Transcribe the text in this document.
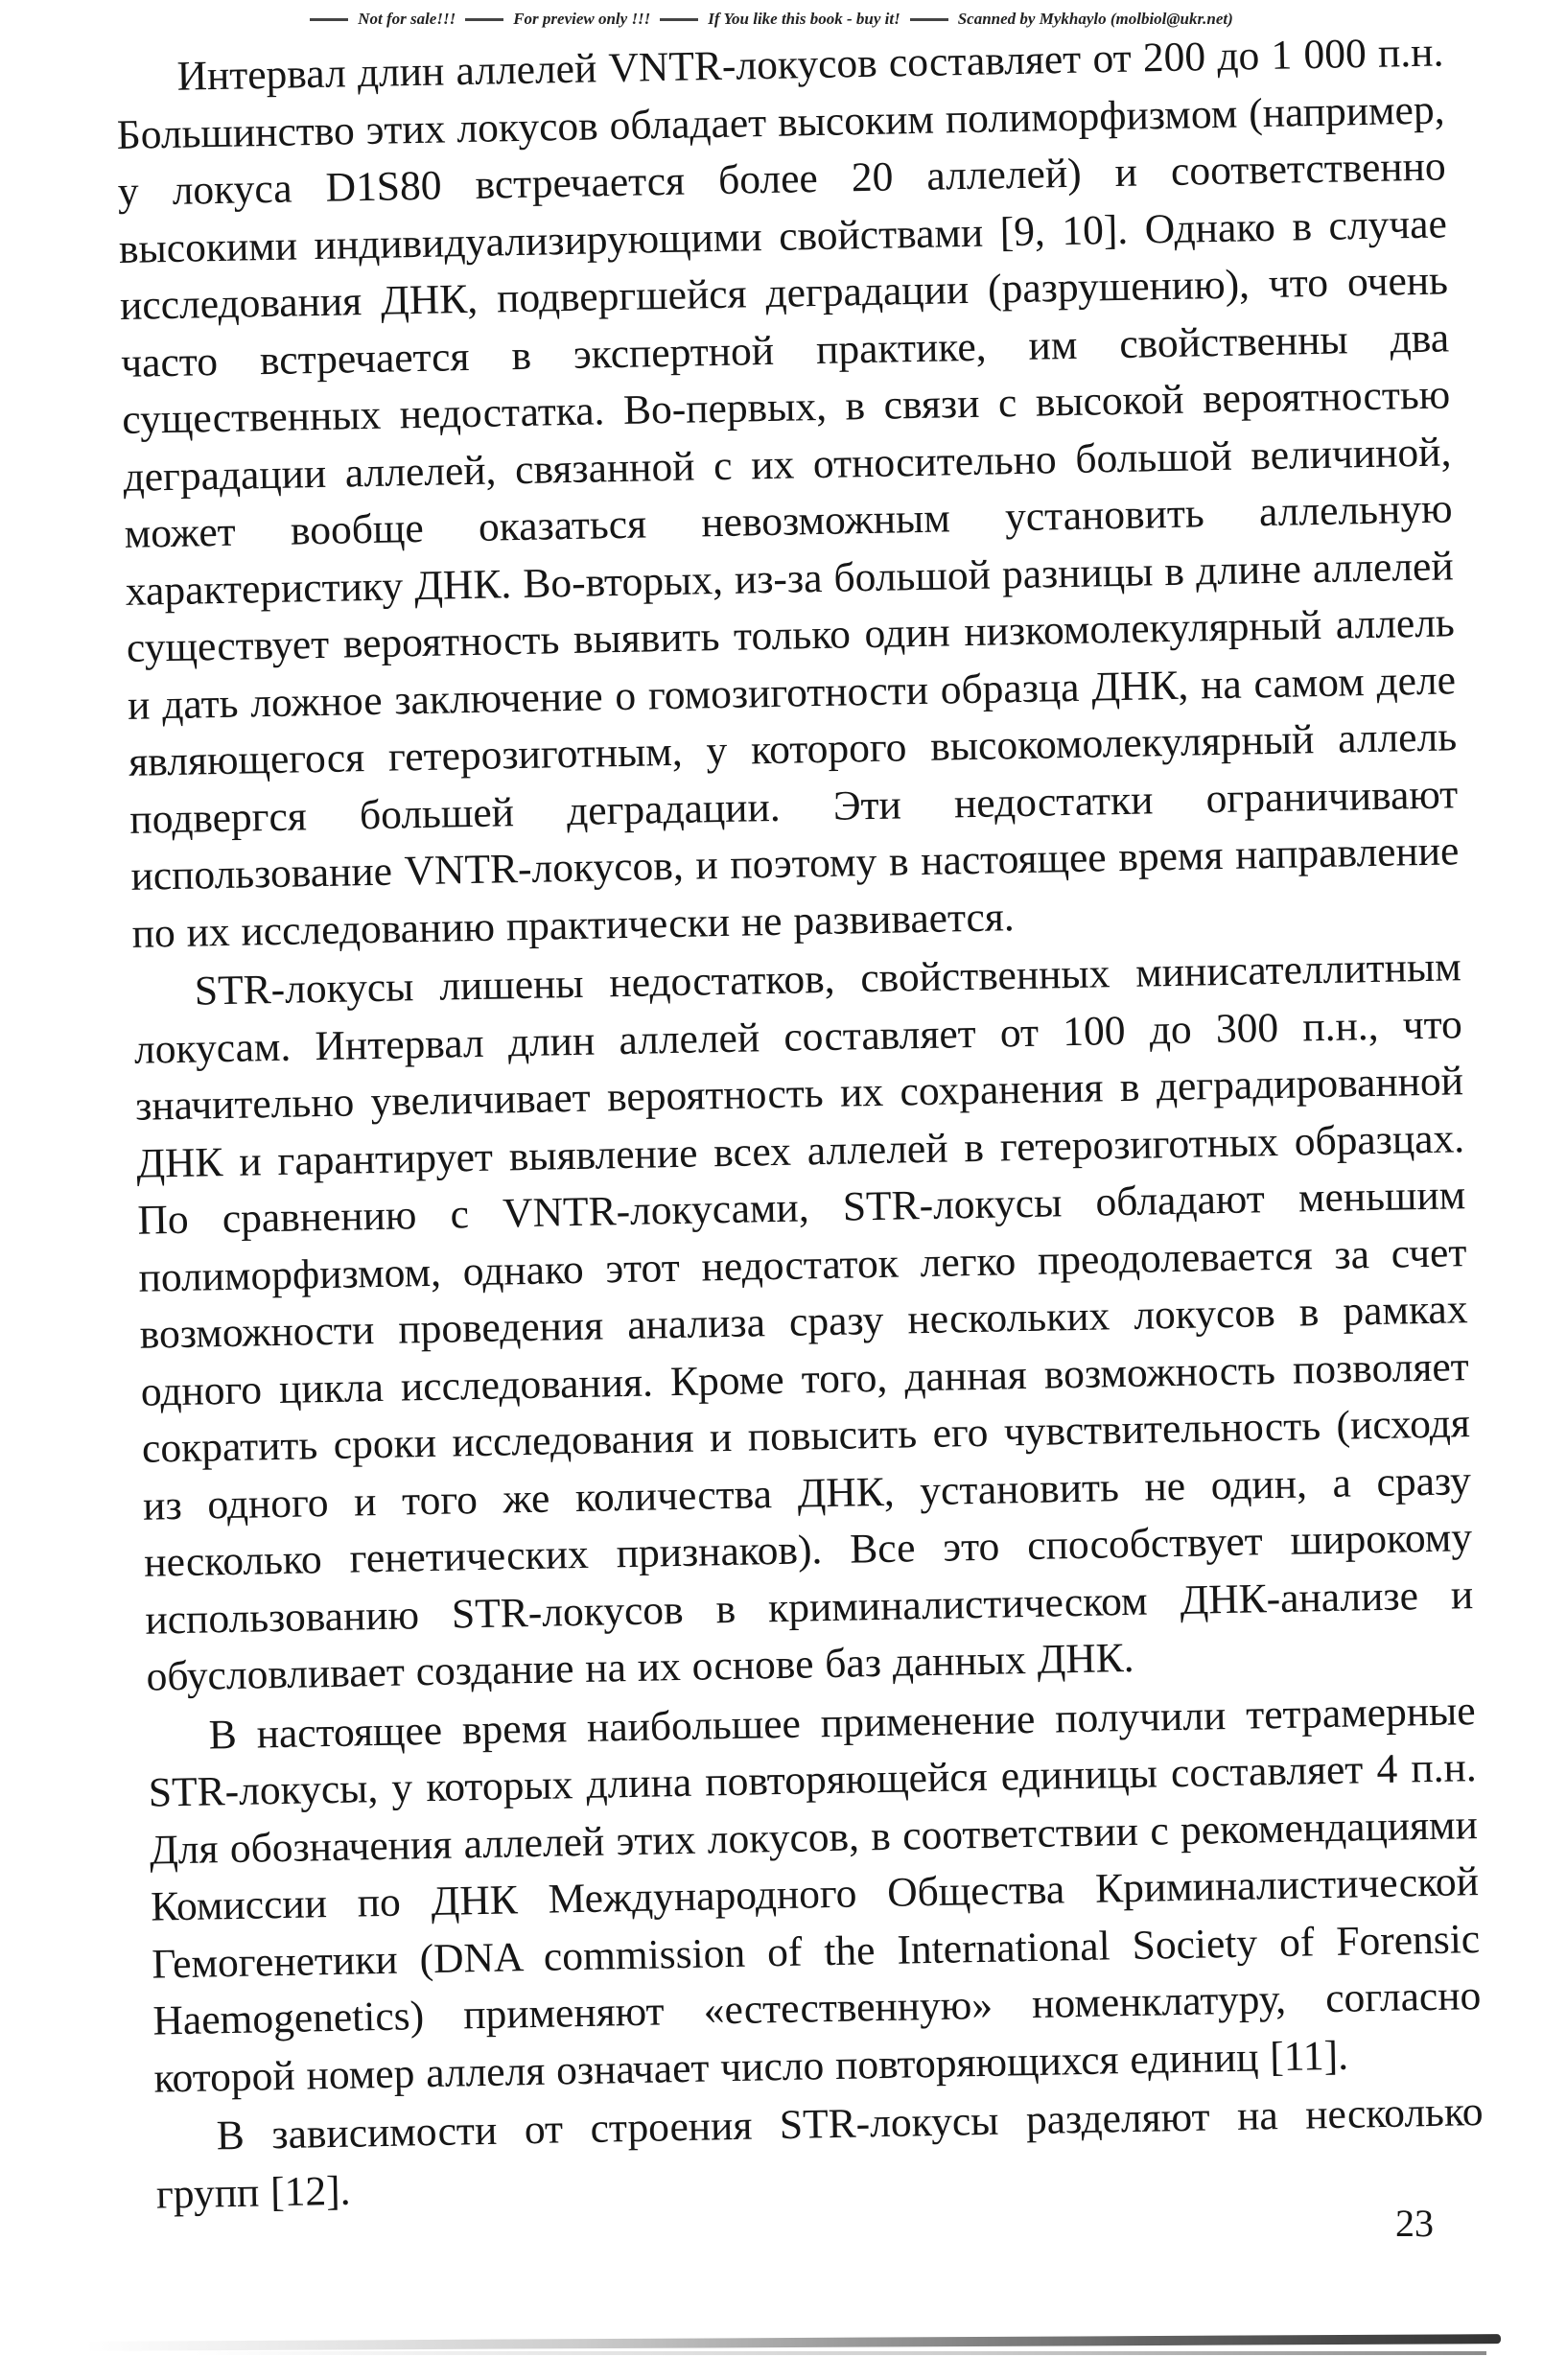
Not for sale!!!	For preview only !!!	If You like this book - buy it!	Scanned by Mykhaylo (molbiol@ukr.net)

Интервал длин аллелей VNTR-локусов составляет от 200 до 1 000 п.н. Большинство этих локусов обладает высоким полиморфизмом (например, у локуса D1S80 встречается более 20 аллелей) и соответственно высокими индивидуализирующими свойствами [9, 10]. Однако в случае исследования ДНК, подвергшейся деградации (разрушению), что очень часто встречается в экспертной практике, им свойственны два существенных недостатка. Во-первых, в связи с высокой вероятностью деградации аллелей, связанной с их относительно большой величиной, может вообще оказаться невозможным установить аллельную характеристику ДНК. Во-вторых, из-за большой разницы в длине аллелей существует вероятность выявить только один низкомолекулярный аллель и дать ложное заключение о гомозиготности образца ДНК, на самом деле являющегося гетерозиготным, у которого высокомолекулярный аллель подвергся большей деградации. Эти недостатки ограничивают использование VNTR-локусов, и поэтому в настоящее время направление по их исследованию практически не развивается.

STR-локусы лишены недостатков, свойственных минисателлитным локусам. Интервал длин аллелей составляет от 100 до 300 п.н., что значительно увеличивает вероятность их сохранения в деградированной ДНК и гарантирует выявление всех аллелей в гетерозиготных образцах. По сравнению с VNTR-локусами, STR-локусы обладают меньшим полиморфизмом, однако этот недостаток легко преодолевается за счет возможности проведения анализа сразу нескольких локусов в рамках одного цикла исследования. Кроме того, данная возможность позволяет сократить сроки исследования и повысить его чувствительность (исходя из одного и того же количества ДНК, установить не один, а сразу несколько генетических признаков). Все это способствует широкому использованию STR-локусов в криминалистическом ДНК-анализе и обусловливает создание на их основе баз данных ДНК.

В настоящее время наибольшее применение получили тетрамерные STR-локусы, у которых длина повторяющейся единицы составляет 4 п.н. Для обозначения аллелей этих локусов, в соответствии с рекомендациями Комиссии по ДНК Международного Общества Криминалистической Гемогенетики (DNA commission of the International Society of Forensic Haemogenetics) применяют «естественную» номенклатуру, согласно которой номер аллеля означает число повторяющихся единиц [11].

В зависимости от строения STR-локусы разделяют на несколько групп [12].

23
